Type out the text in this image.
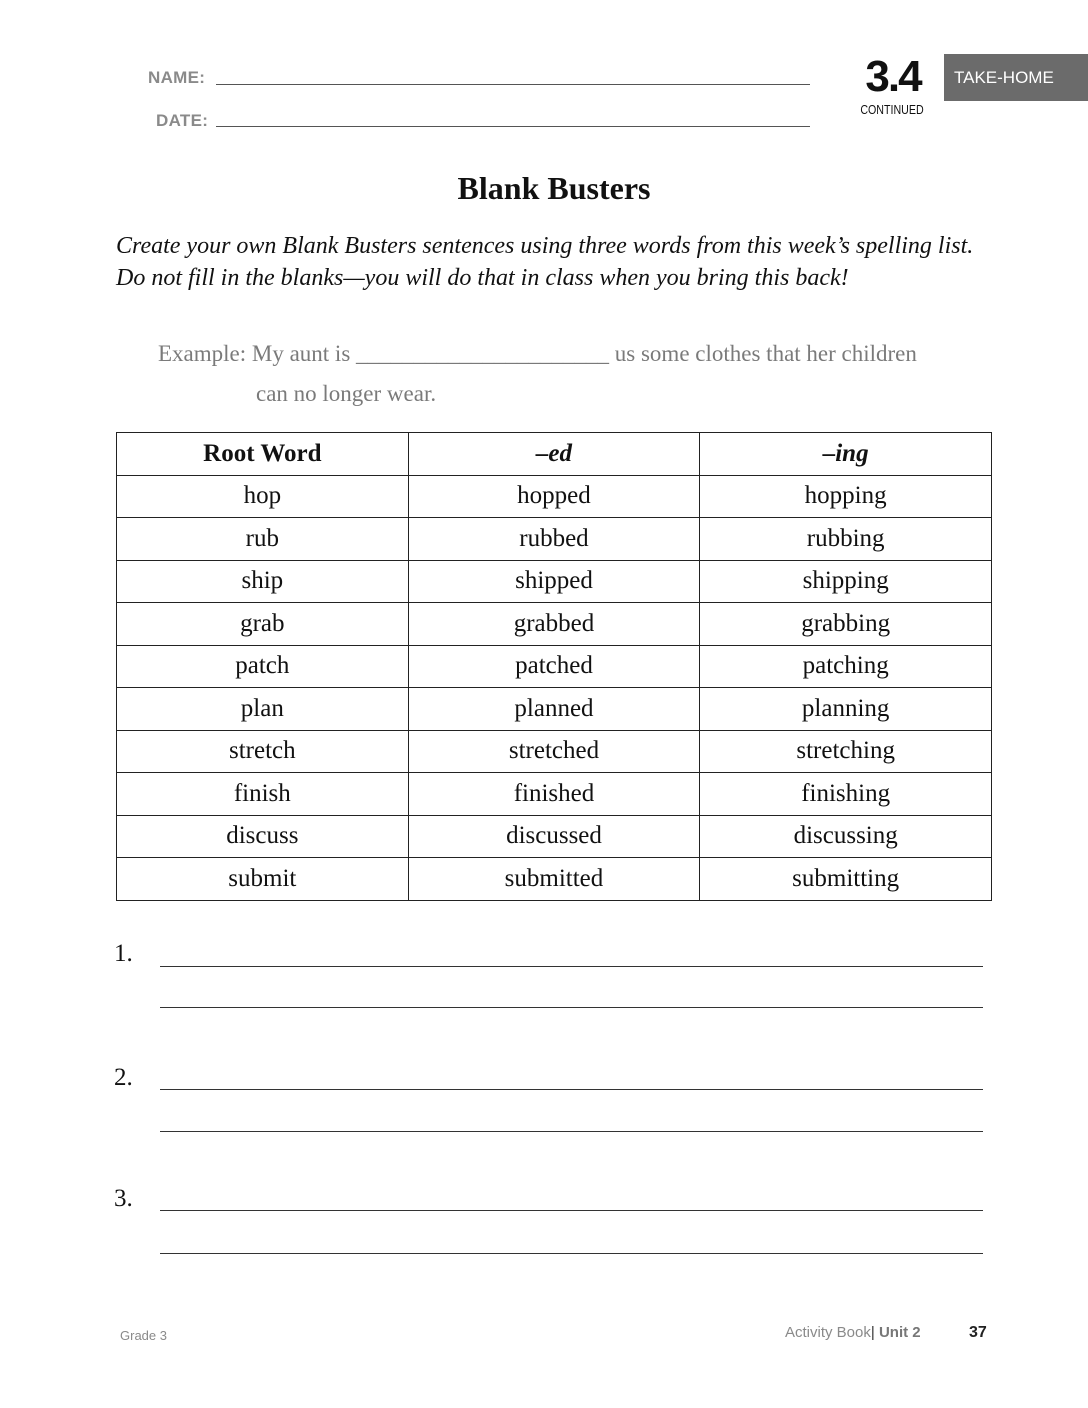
NAME:
DATE:
3.4
CONTINUED
TAKE-HOME
Blank Busters
Create your own Blank Busters sentences using three words from this week’s spelling list. Do not fill in the blanks—you will do that in class when you bring this back!
Example: My aunt is ______________________ us some clothes that her children
can no longer wear.
Root Word	–ed	–ing
hop	hopped	hopping
rub	rubbed	rubbing
ship	shipped	shipping
grab	grabbed	grabbing
patch	patched	patching
plan	planned	planning
stretch	stretched	stretching
finish	finished	finishing
discuss	discussed	discussing
submit	submitted	submitting
1.
2.
3.
Grade 3	Activity Book| Unit 2	37
